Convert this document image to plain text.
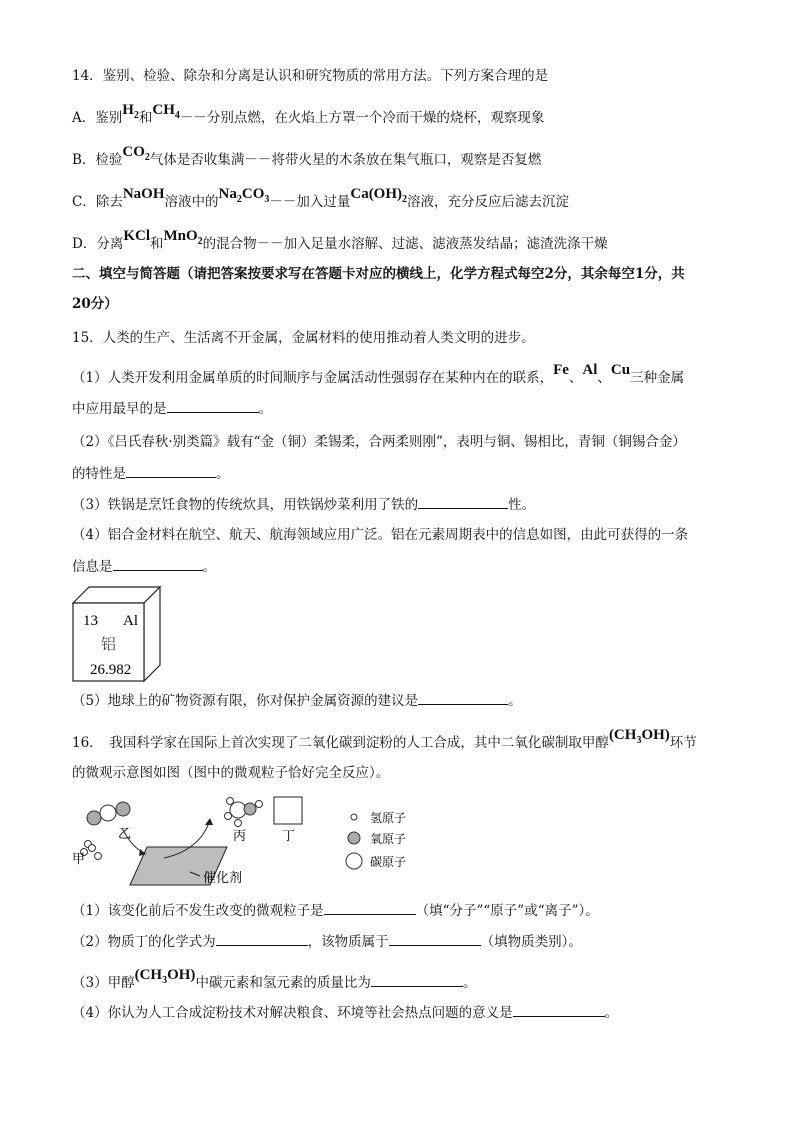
14．鉴别、检验、除杂和分离是认识和研究物质的常用方法。下列方案合理的是
A．鉴别$H_2$和$CH_4--$分别点燃，在火焰上方罩一个冷而干燥的烧杯，观察现象
B．检验$CO_2$气体是否收集满－－将带火星的木条放在集气瓶口，观察是否复燃
C．除去NaOH溶液中的$Na_2CO_3--$加入过量$Ca(OH)_2$溶液，充分反应后滤去沉淀
D．分离KCl和MnO$_2$的混合物－－加入足量水溶解、过滤、滤液蒸发结晶；滤渣洗涤干燥
二、填空与简答题（请把答案按要求写在答题卡对应的横线上，化学方程式每空2分，其余每空1分，共
20分）
15．人类的生产、生活离不开金属，金属材料的使用推动着人类文明的进步。
（1）人类开发利用金属单质的时间顺序与金属活动性强弱存在某种内在的联系，Fe、Al、Cu三种金属
中应用最早的是	。
（2）《吕氏春秋·别类篇》载有“金（铜）柔锡柔，合两柔则刚”，表明与铜、锡相比，青铜（铜锡合金）
的特性是	。
（3）铁锅是烹饪食物的传统炊具，用铁锅炒菜利用了铁的	性。
（4）铝合金材料在航空、航天、航海领域应用广泛。铝在元素周期表中的信息如图，由此可获得的一条
信息是	。
13 Al
铝
26.982
（5）地球上的矿物资源有限，你对保护金属资源的建议是	。
16．　我国科学家在国际上首次实现了二氧化碳到淀粉的人工合成，其中二氧化碳制取甲醇$(CH_3OH)$环节
的微观示意图如图（图中的微观粒子恰好完全反应）。
乙
甲
催化剂
丙	丁
氢原子
氧原子
碳原子
（1）该变化前后不发生改变的微观粒子是	（填“分子”“原子”或“离子”）。
（2）物质丁的化学式为	，该物质属于	（填物质类别）。
（3）甲醇$(CH_3OH)$中碳元素和氢元素的质量比为	。
（4）你认为人工合成淀粉技术对解决粮食、环境等社会热点问题的意义是	。
